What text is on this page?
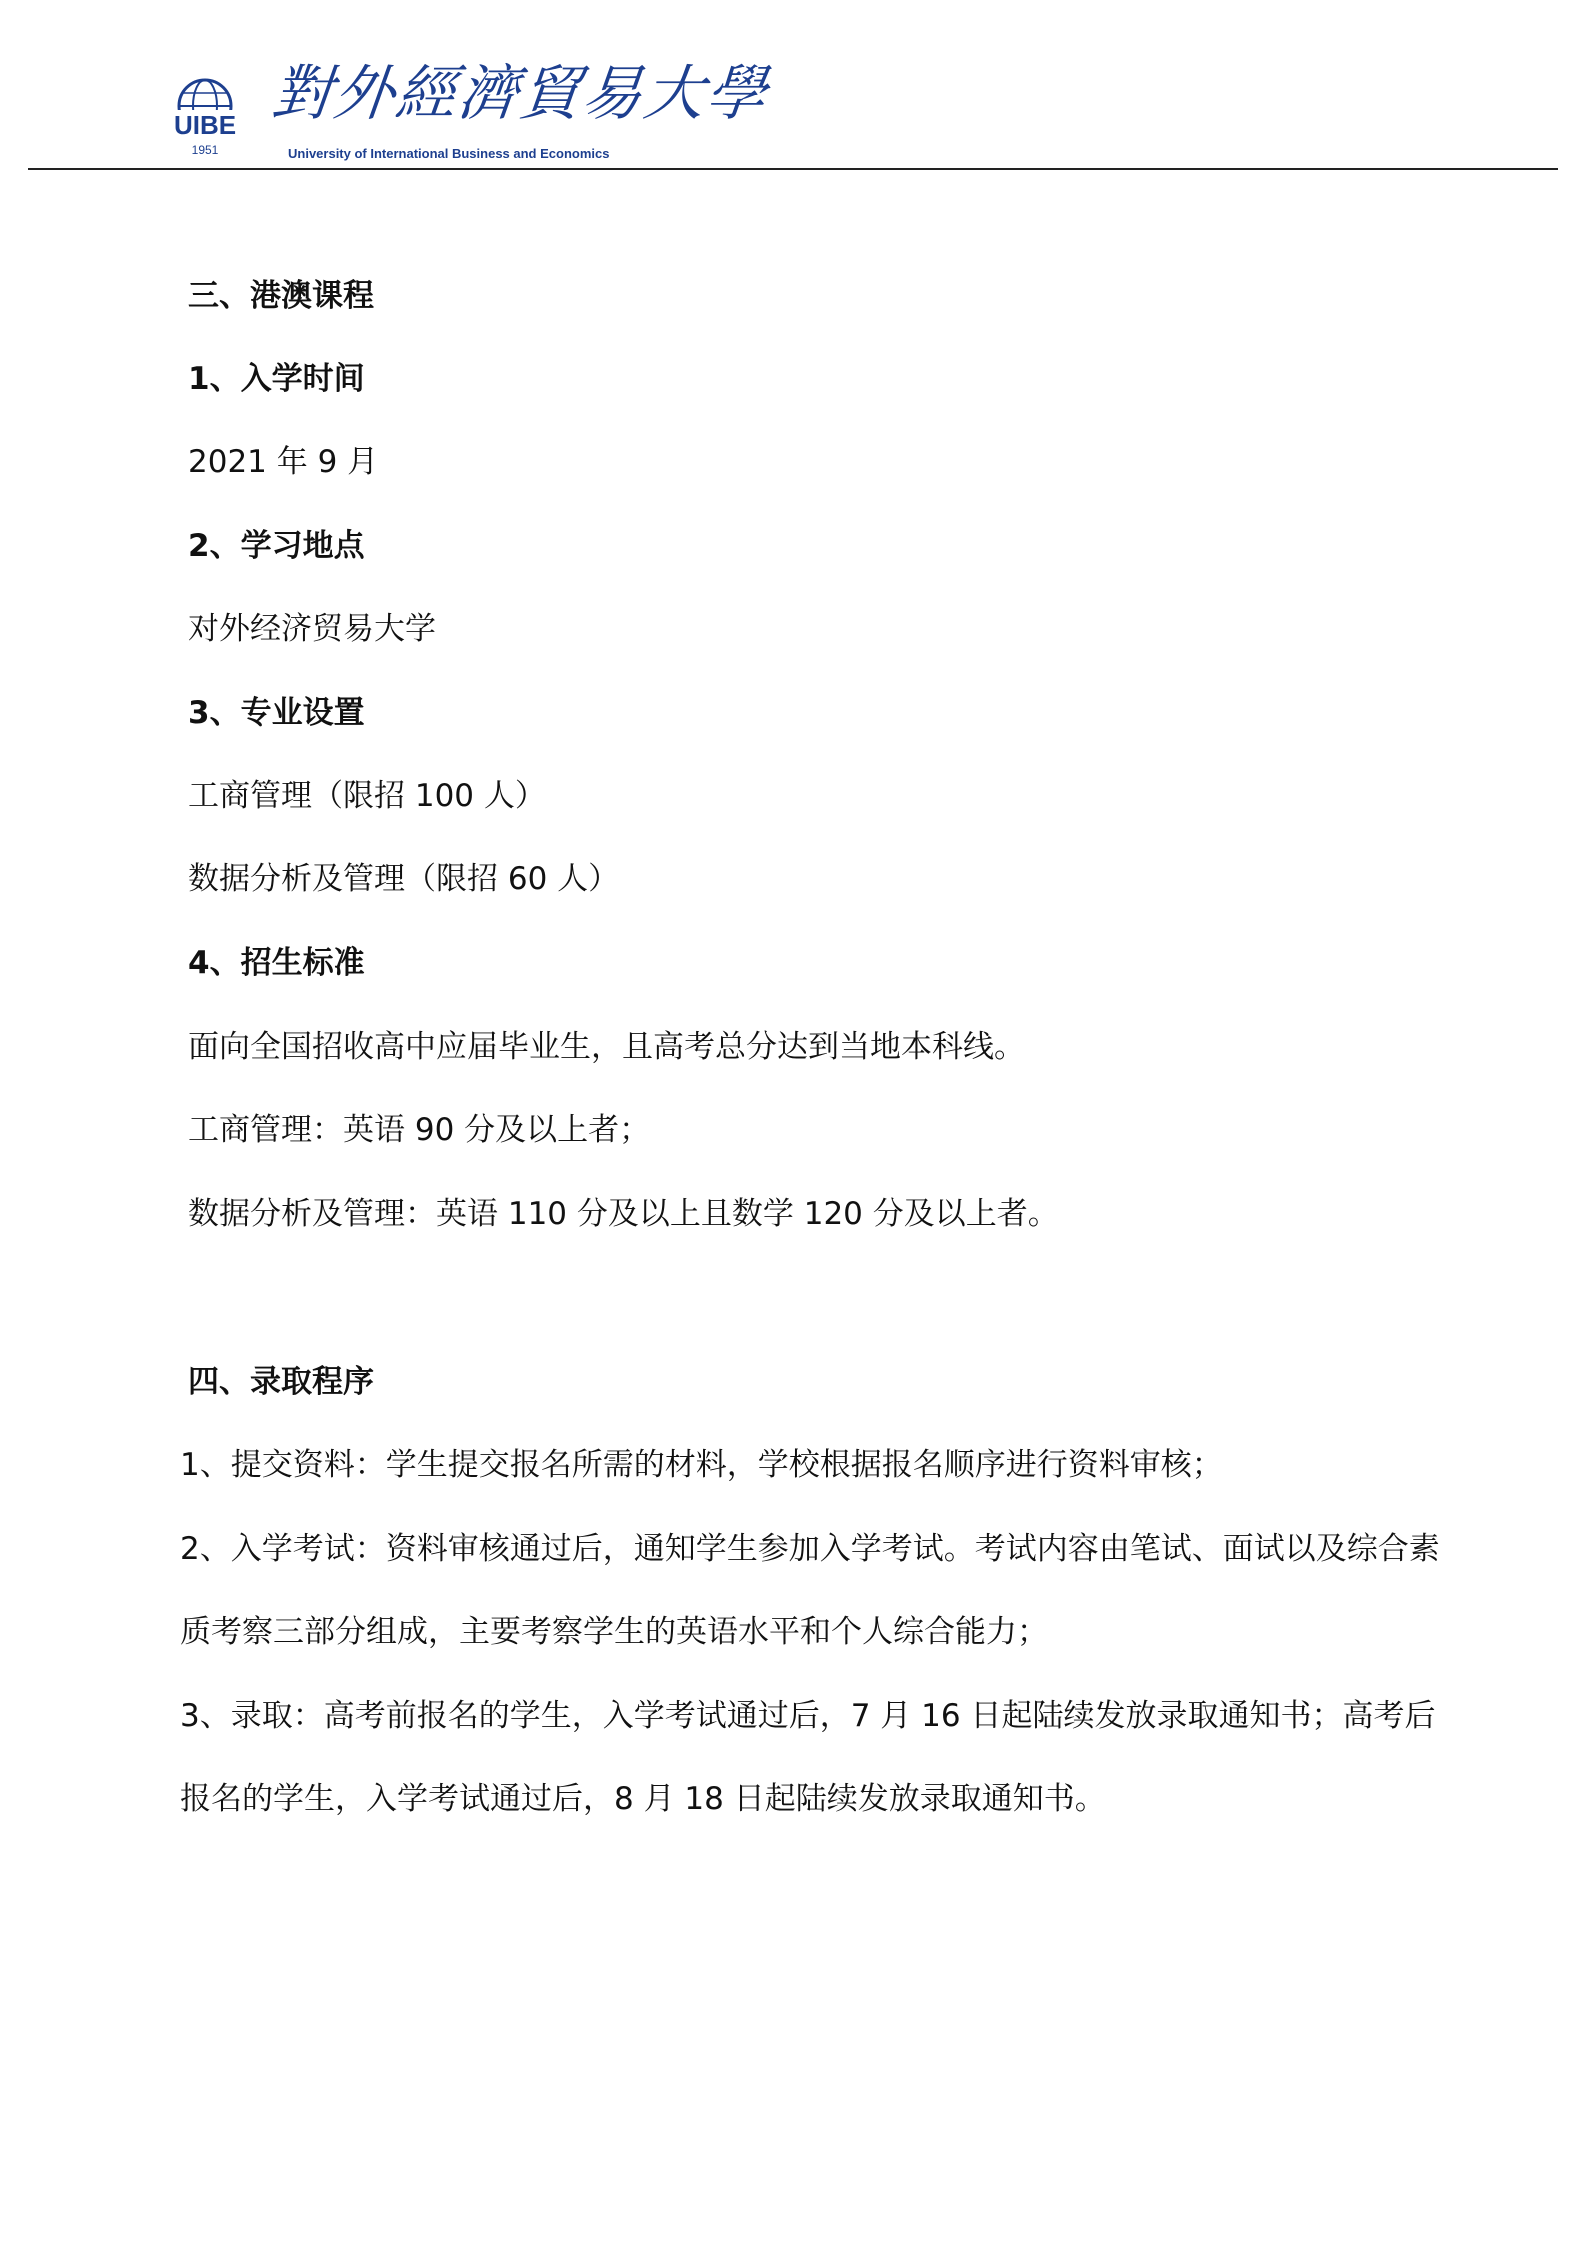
UIBE
1951
對外經濟貿易大學
University of International Business and Economics
三、港澳课程
1、入学时间
2021 年 9 月
2、学习地点
对外经济贸易大学
3、专业设置
工商管理（限招 100 人）
数据分析及管理（限招 60 人）
4、招生标准
面向全国招收高中应届毕业生，且高考总分达到当地本科线。
工商管理：英语 90 分及以上者；
数据分析及管理：英语 110 分及以上且数学 120 分及以上者。
四、录取程序
1、提交资料：学生提交报名所需的材料，学校根据报名顺序进行资料审核；
2、入学考试：资料审核通过后，通知学生参加入学考试。考试内容由笔试、面试以及综合素
质考察三部分组成，主要考察学生的英语水平和个人综合能力；
3、录取：高考前报名的学生，入学考试通过后，7 月 16 日起陆续发放录取通知书；高考后
报名的学生，入学考试通过后，8 月 18 日起陆续发放录取通知书。
